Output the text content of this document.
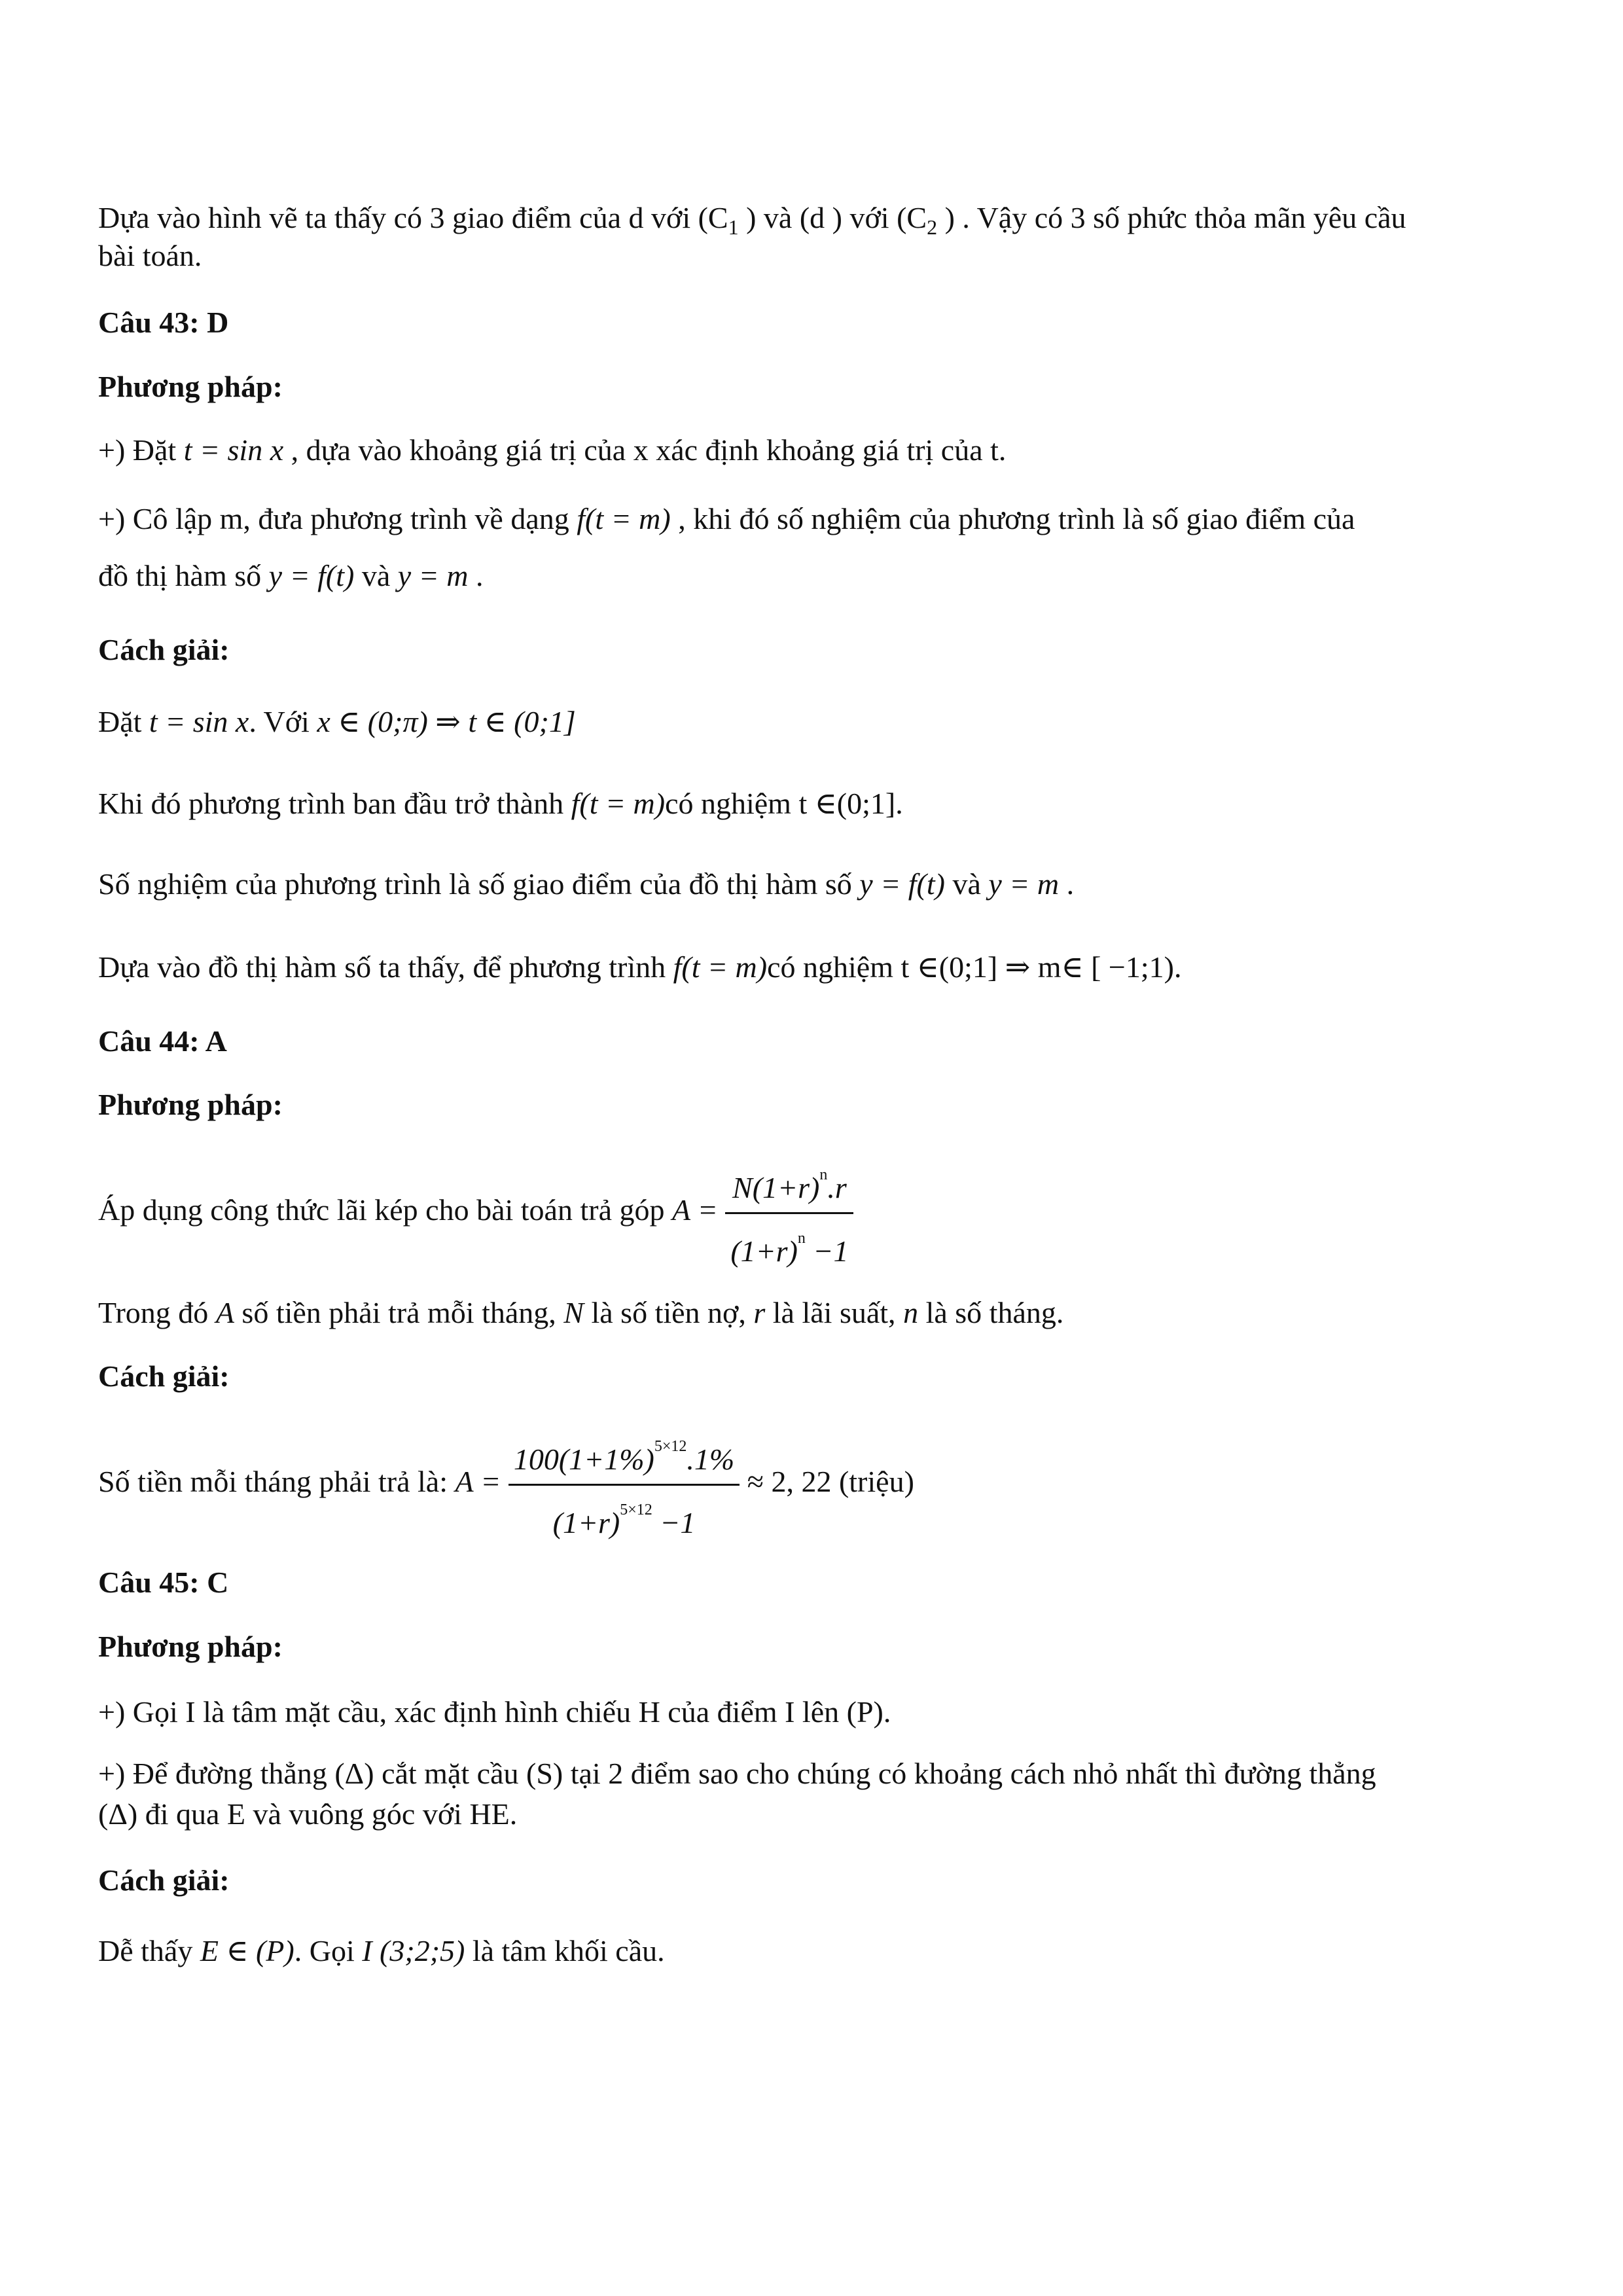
Dựa vào hình vẽ ta thấy có 3 giao điểm của d với ($C_1$ ) và (d ) với ($C_2$ ) . Vậy có 3 số phức thỏa mãn yêu cầu
bài toán.
Câu 43: D
Phương pháp:
+) Đặt t = sin x , dựa vào khoảng giá trị của x xác định khoảng giá trị của t.
+) Cô lập m, đưa phương trình về dạng f(t = m) , khi đó số nghiệm của phương trình là số giao điểm của
đồ thị hàm số y = f(t) và y = m .
Cách giải:
Đặt t = sin x. Với x ∈ (0;π) ⇒ t ∈ (0;1]
Khi đó phương trình ban đầu trở thành f(t = m)có nghiệm t ∈(0;1].
Số nghiệm của phương trình là số giao điểm của đồ thị hàm số y = f(t) và y = m .
Dựa vào đồ thị hàm số ta thấy, để phương trình f(t = m)có nghiệm t ∈(0;1] ⇒ m∈ [ −1;1).
Câu 44: A
Phương pháp:
Áp dụng công thức lãi kép cho bài toán trả góp $A = \frac{N(1+r)^n.r}{(1+r)^n -1}$
Trong đó A số tiền phải trả mỗi tháng, N là số tiền nợ, r là lãi suất, n là số tháng.
Cách giải:
Số tiền mỗi tháng phải trả là: $A = \frac{100(1+1\%)^{5\times 12}.1\%}{(1+r)^{5\times 12} -1} \approx 2$, 22 (triệu)
Câu 45: C
Phương pháp:
+) Gọi I là tâm mặt cầu, xác định hình chiếu H của điểm I lên (P).
+) Để đường thẳng (Δ) cắt mặt cầu (S) tại 2 điểm sao cho chúng có khoảng cách nhỏ nhất thì đường thẳng
(Δ) đi qua E và vuông góc với HE.
Cách giải:
Dễ thấy E ∈ (P). Gọi I (3;2;5) là tâm khối cầu.
